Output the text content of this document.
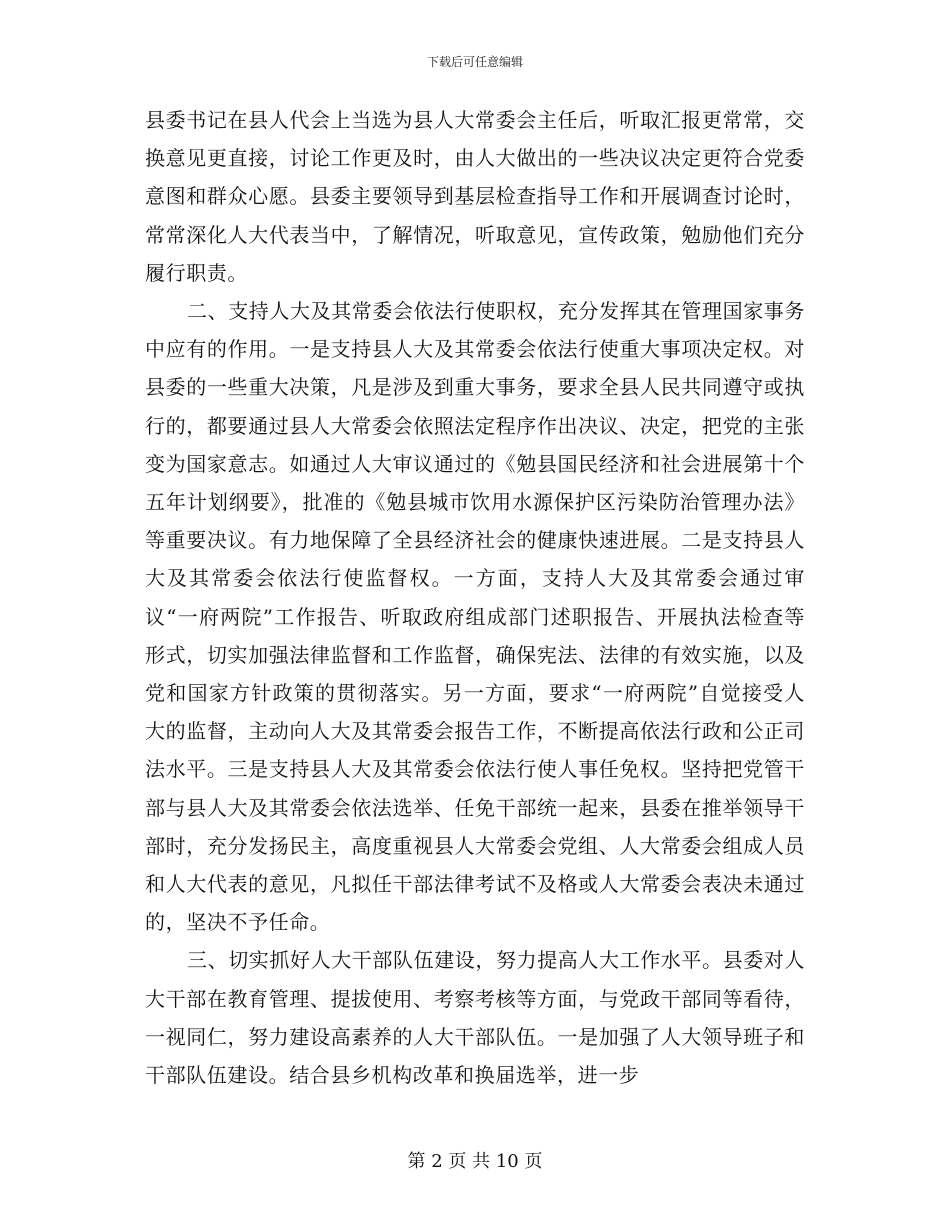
下载后可任意编辑

县委书记在县人代会上当选为县人大常委会主任后，听取汇报更常常，交换意见更直接，讨论工作更及时，由人大做出的一些决议决定更符合党委意图和群众心愿。县委主要领导到基层检查指导工作和开展调查讨论时，常常深化人大代表当中，了解情况，听取意见，宣传政策，勉励他们充分履行职责。

二、支持人大及其常委会依法行使职权，充分发挥其在管理国家事务中应有的作用。一是支持县人大及其常委会依法行使重大事项决定权。对县委的一些重大决策，凡是涉及到重大事务，要求全县人民共同遵守或执行的，都要通过县人大常委会依照法定程序作出决议、决定，把党的主张变为国家意志。如通过人大审议通过的《勉县国民经济和社会进展第十个五年计划纲要》，批准的《勉县城市饮用水源保护区污染防治管理办法》等重要决议。有力地保障了全县经济社会的健康快速进展。二是支持县人大及其常委会依法行使监督权。一方面，支持人大及其常委会通过审议“一府两院”工作报告、听取政府组成部门述职报告、开展执法检查等形式，切实加强法律监督和工作监督，确保宪法、法律的有效实施，以及党和国家方针政策的贯彻落实。另一方面，要求“一府两院”自觉接受人大的监督，主动向人大及其常委会报告工作，不断提高依法行政和公正司法水平。三是支持县人大及其常委会依法行使人事任免权。坚持把党管干部与县人大及其常委会依法选举、任免干部统一起来，县委在推举领导干部时，充分发扬民主，高度重视县人大常委会党组、人大常委会组成人员和人大代表的意见，凡拟任干部法律考试不及格或人大常委会表决未通过的，坚决不予任命。

三、切实抓好人大干部队伍建设，努力提高人大工作水平。县委对人大干部在教育管理、提拔使用、考察考核等方面，与党政干部同等看待，一视同仁，努力建设高素养的人大干部队伍。一是加强了人大领导班子和干部队伍建设。结合县乡机构改革和换届选举，进一步

第 2 页 共 10 页
